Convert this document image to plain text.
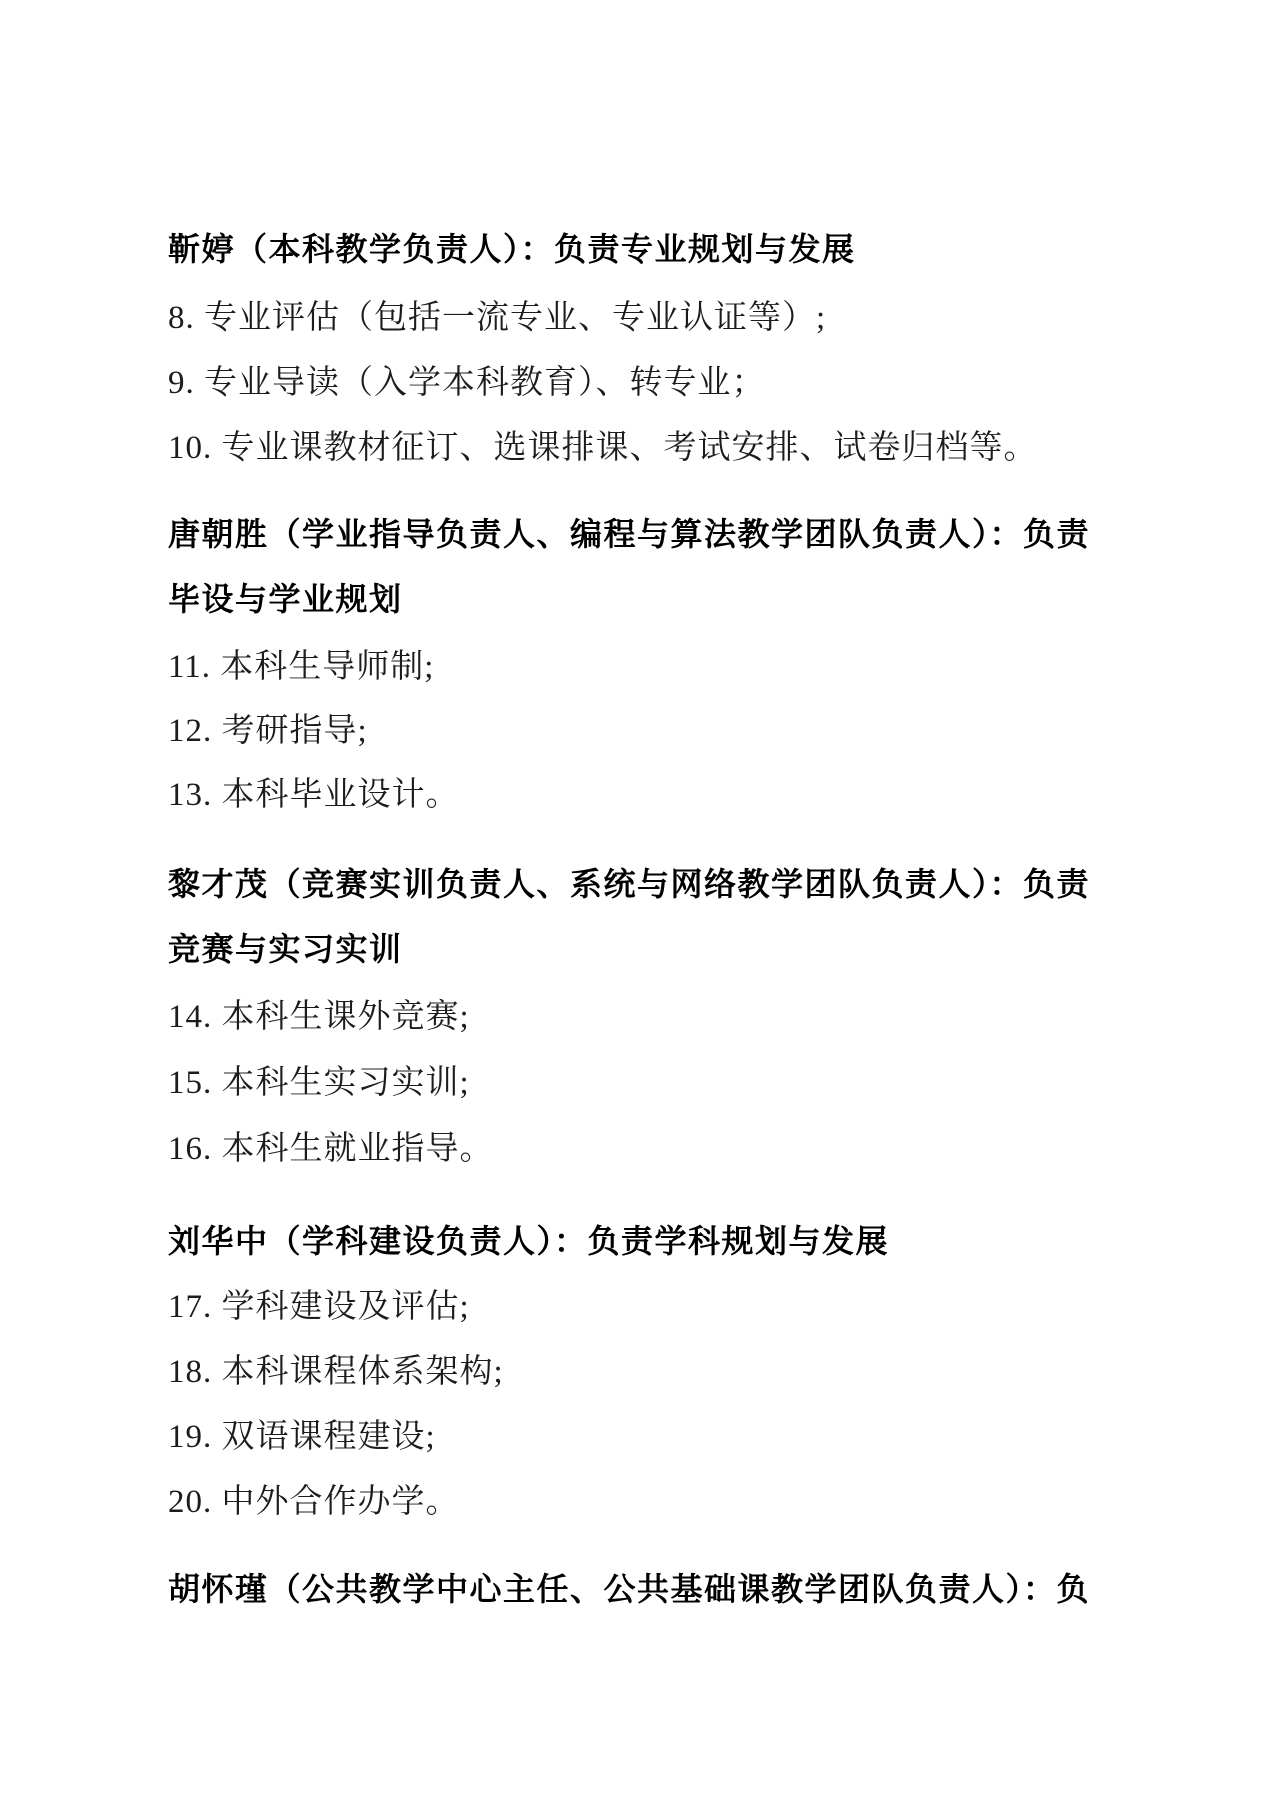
靳婷（本科教学负责人）：负责专业规划与发展

8. 专业评估（包括一流专业、专业认证等）;

9. 专业导读（入学本科教育）、转专业；

10. 专业课教材征订、选课排课、考试安排、试卷归档等。

唐朝胜（学业指导负责人、编程与算法教学团队负责人）：负责

毕设与学业规划

11. 本科生导师制;

12. 考研指导;

13. 本科毕业设计。

黎才茂（竞赛实训负责人、系统与网络教学团队负责人）：负责

竞赛与实习实训

14. 本科生课外竞赛;

15. 本科生实习实训;

16. 本科生就业指导。

刘华中（学科建设负责人）：负责学科规划与发展

17. 学科建设及评估;

18. 本科课程体系架构;

19. 双语课程建设;

20. 中外合作办学。

胡怀瑾（公共教学中心主任、公共基础课教学团队负责人）：负
